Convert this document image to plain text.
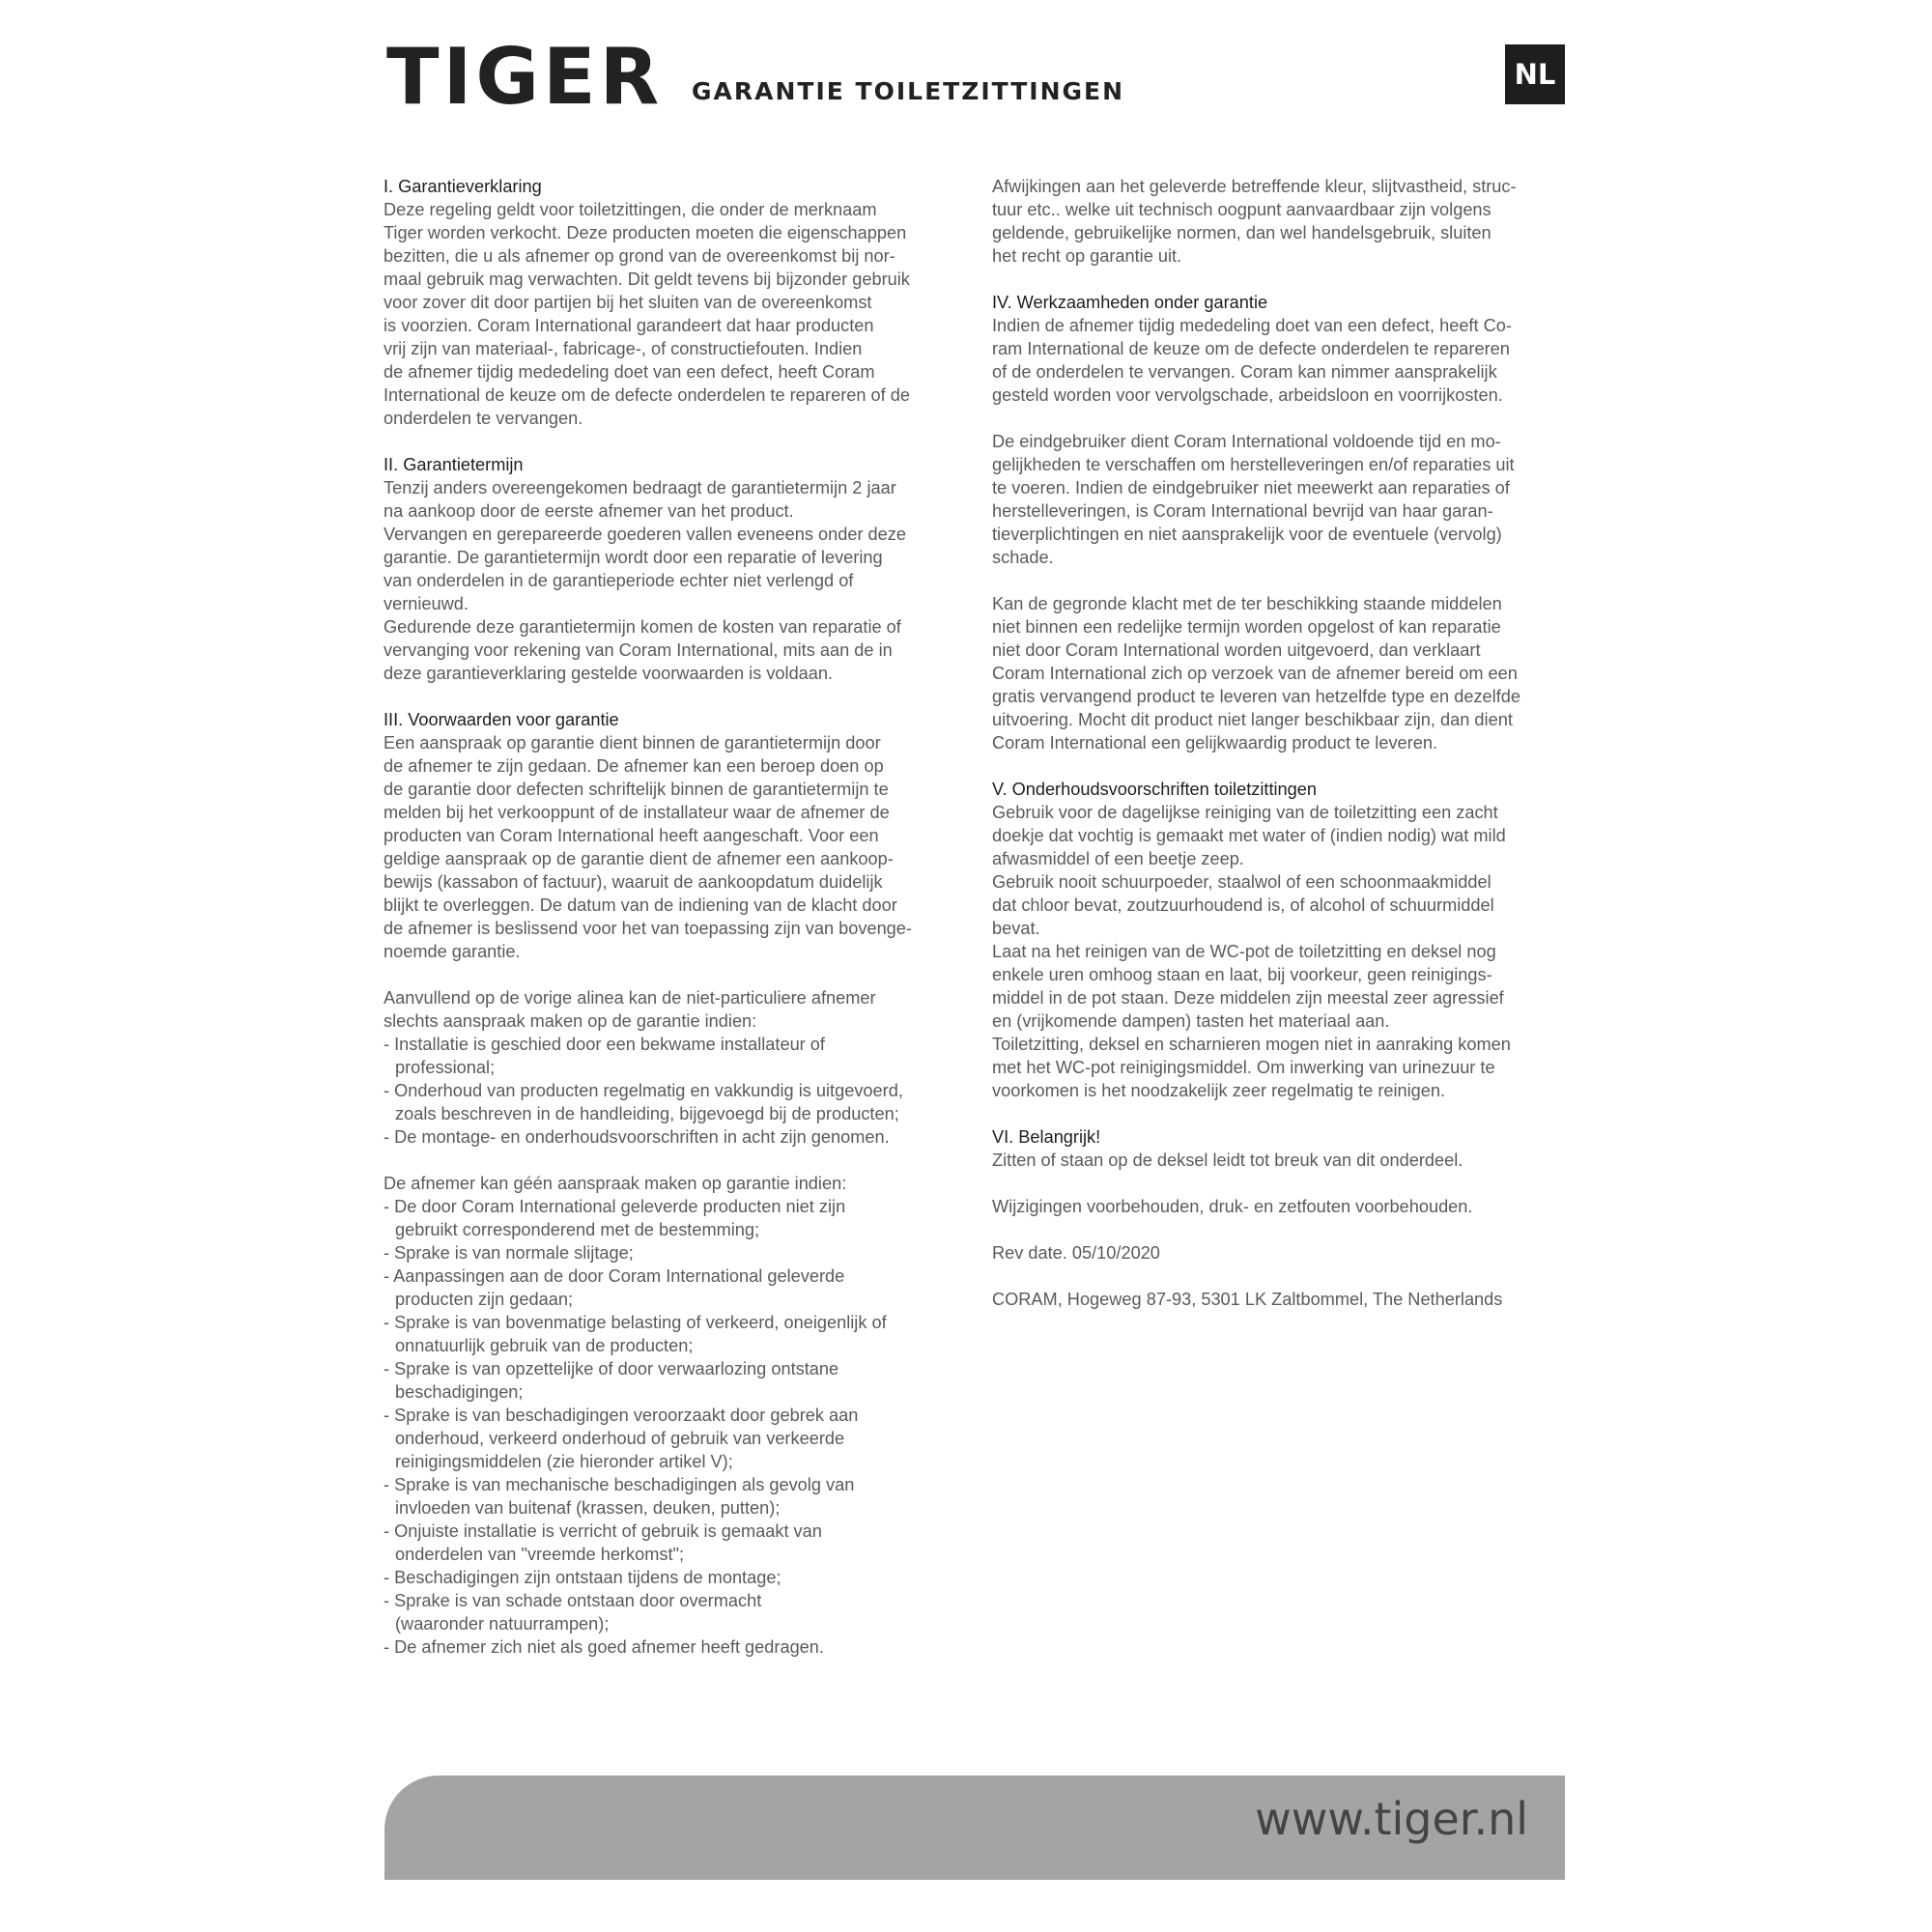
TIGER GARANTIE TOILETZITTINGEN
NL
I. Garantieverklaring
Deze regeling geldt voor toiletzittingen, die onder de merknaam
Tiger worden verkocht. Deze producten moeten die eigenschappen
bezitten, die u als afnemer op grond van de overeenkomst bij nor-
maal gebruik mag verwachten. Dit geldt tevens bij bijzonder gebruik
voor zover dit door partijen bij het sluiten van de overeenkomst
is voorzien. Coram International garandeert dat haar producten
vrij zijn van materiaal-, fabricage-, of constructiefouten. Indien
de afnemer tijdig mededeling doet van een defect, heeft Coram
International de keuze om de defecte onderdelen te repareren of de
onderdelen te vervangen.
II. Garantietermijn
Tenzij anders overeengekomen bedraagt de garantietermijn 2 jaar
na aankoop door de eerste afnemer van het product.
Vervangen en gerepareerde goederen vallen eveneens onder deze
garantie. De garantietermijn wordt door een reparatie of levering
van onderdelen in de garantieperiode echter niet verlengd of
vernieuwd.
Gedurende deze garantietermijn komen de kosten van reparatie of
vervanging voor rekening van Coram International, mits aan de in
deze garantieverklaring gestelde voorwaarden is voldaan.
III. Voorwaarden voor garantie
Een aanspraak op garantie dient binnen de garantietermijn door
de afnemer te zijn gedaan. De afnemer kan een beroep doen op
de garantie door defecten schriftelijk binnen de garantietermijn te
melden bij het verkooppunt of de installateur waar de afnemer de
producten van Coram International heeft aangeschaft. Voor een
geldige aanspraak op de garantie dient de afnemer een aankoop-
bewijs (kassabon of factuur), waaruit de aankoopdatum duidelijk
blijkt te overleggen. De datum van de indiening van de klacht door
de afnemer is beslissend voor het van toepassing zijn van bovenge-
noemde garantie.
Aanvullend op de vorige alinea kan de niet-particuliere afnemer
slechts aanspraak maken op de garantie indien:
- Installatie is geschied door een bekwame installateur of
professional;
- Onderhoud van producten regelmatig en vakkundig is uitgevoerd,
zoals beschreven in de handleiding, bijgevoegd bij de producten;
- De montage- en onderhoudsvoorschriften in acht zijn genomen.
De afnemer kan géén aanspraak maken op garantie indien:
- De door Coram International geleverde producten niet zijn
gebruikt corresponderend met de bestemming;
- Sprake is van normale slijtage;
- Aanpassingen aan de door Coram International geleverde
producten zijn gedaan;
- Sprake is van bovenmatige belasting of verkeerd, oneigenlijk of
onnatuurlijk gebruik van de producten;
- Sprake is van opzettelijke of door verwaarlozing ontstane
beschadigingen;
- Sprake is van beschadigingen veroorzaakt door gebrek aan
onderhoud, verkeerd onderhoud of gebruik van verkeerde
reinigingsmiddelen (zie hieronder artikel V);
- Sprake is van mechanische beschadigingen als gevolg van
invloeden van buitenaf (krassen, deuken, putten);
- Onjuiste installatie is verricht of gebruik is gemaakt van
onderdelen van "vreemde herkomst";
- Beschadigingen zijn ontstaan tijdens de montage;
- Sprake is van schade ontstaan door overmacht
(waaronder natuurrampen);
- De afnemer zich niet als goed afnemer heeft gedragen.
Afwijkingen aan het geleverde betreffende kleur, slijtvastheid, struc-
tuur etc.. welke uit technisch oogpunt aanvaardbaar zijn volgens
geldende, gebruikelijke normen, dan wel handelsgebruik, sluiten
het recht op garantie uit.
IV. Werkzaamheden onder garantie
Indien de afnemer tijdig mededeling doet van een defect, heeft Co-
ram International de keuze om de defecte onderdelen te repareren
of de onderdelen te vervangen. Coram kan nimmer aansprakelijk
gesteld worden voor vervolgschade, arbeidsloon en voorrijkosten.
De eindgebruiker dient Coram International voldoende tijd en mo-
gelijkheden te verschaffen om herstelleveringen en/of reparaties uit
te voeren. Indien de eindgebruiker niet meewerkt aan reparaties of
herstelleveringen, is Coram International bevrijd van haar garan-
tieverplichtingen en niet aansprakelijk voor de eventuele (vervolg)
schade.
Kan de gegronde klacht met de ter beschikking staande middelen
niet binnen een redelijke termijn worden opgelost of kan reparatie
niet door Coram International worden uitgevoerd, dan verklaart
Coram International zich op verzoek van de afnemer bereid om een
gratis vervangend product te leveren van hetzelfde type en dezelfde
uitvoering. Mocht dit product niet langer beschikbaar zijn, dan dient
Coram International een gelijkwaardig product te leveren.
V. Onderhoudsvoorschriften toiletzittingen
Gebruik voor de dagelijkse reiniging van de toiletzitting een zacht
doekje dat vochtig is gemaakt met water of (indien nodig) wat mild
afwasmiddel of een beetje zeep.
Gebruik nooit schuurpoeder, staalwol of een schoonmaakmiddel
dat chloor bevat, zoutzuurhoudend is, of alcohol of schuurmiddel
bevat.
Laat na het reinigen van de WC-pot de toiletzitting en deksel nog
enkele uren omhoog staan en laat, bij voorkeur, geen reinigings-
middel in de pot staan. Deze middelen zijn meestal zeer agressief
en (vrijkomende dampen) tasten het materiaal aan.
Toiletzitting, deksel en scharnieren mogen niet in aanraking komen
met het WC-pot reinigingsmiddel. Om inwerking van urinezuur te
voorkomen is het noodzakelijk zeer regelmatig te reinigen.
VI. Belangrijk!
Zitten of staan op de deksel leidt tot breuk van dit onderdeel.
Wijzigingen voorbehouden, druk- en zetfouten voorbehouden.
Rev date. 05/10/2020
CORAM, Hogeweg 87-93, 5301 LK Zaltbommel, The Netherlands
www.tiger.nl
